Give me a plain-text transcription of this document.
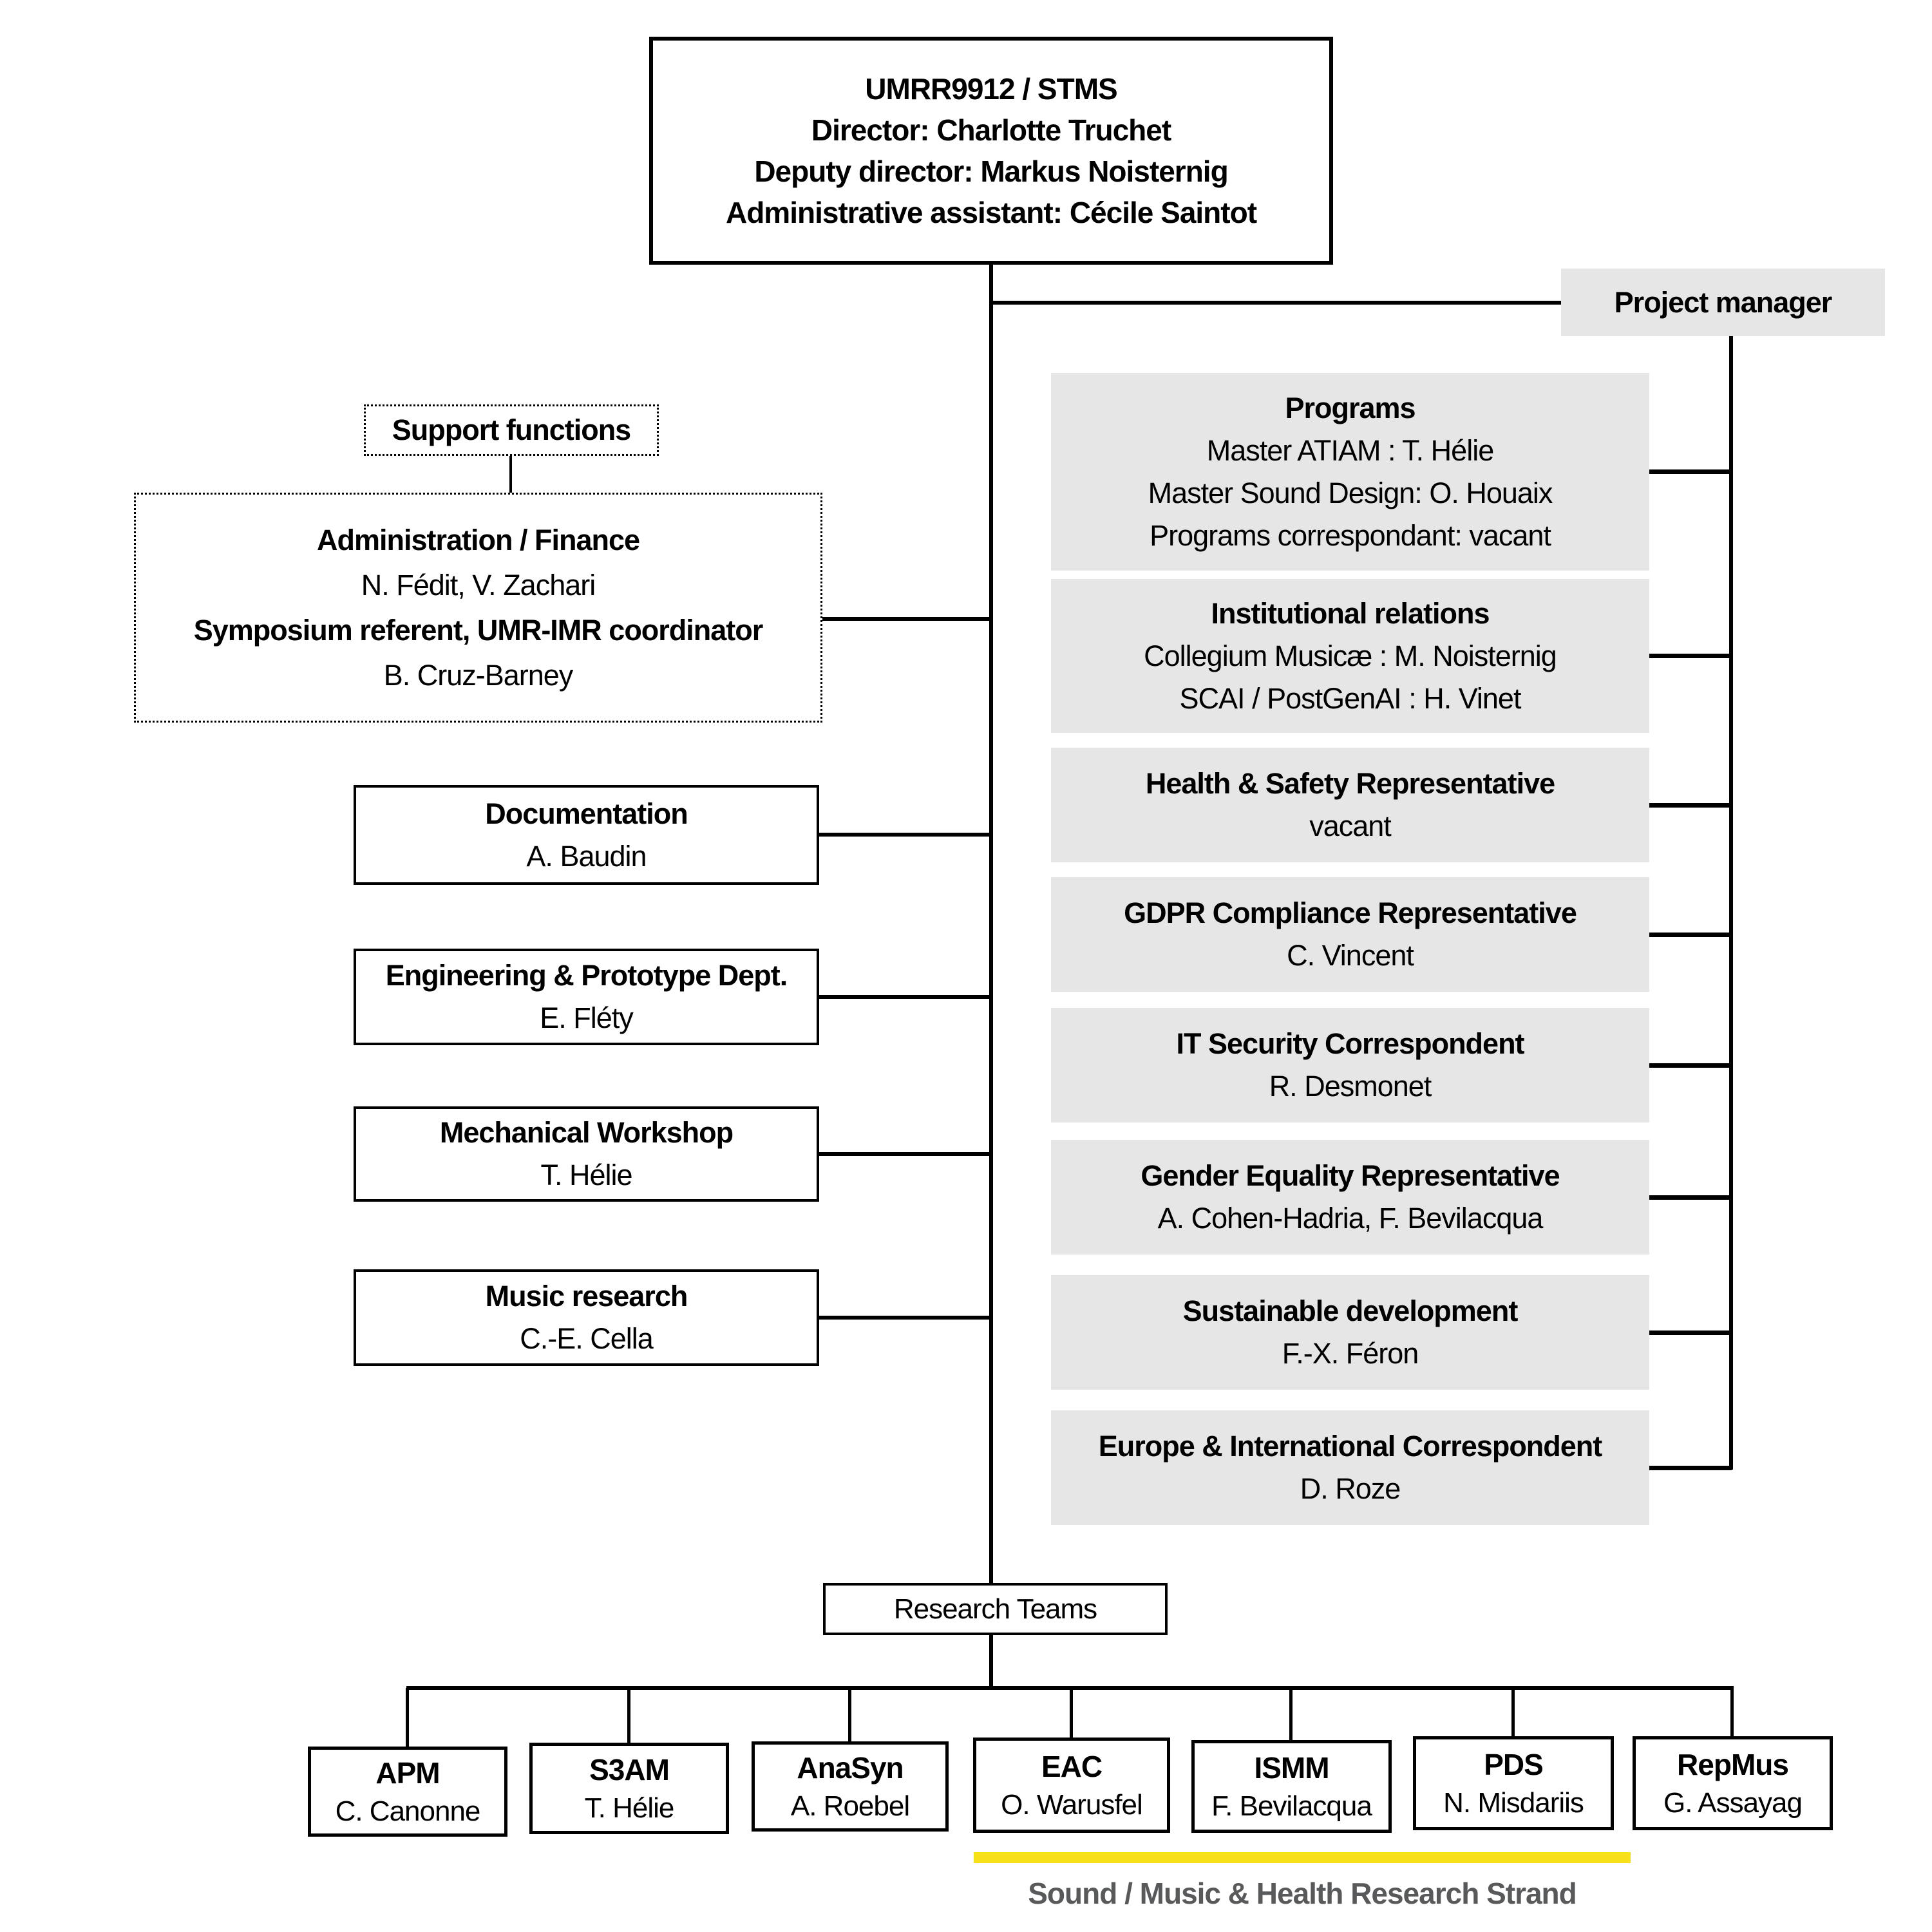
UMRR9912 / STMS
Director: Charlotte Truchet
Deputy director: Markus Noisternig
Administrative assistant: Cécile Saintot
Project manager
Support functions
Administration / Finance
N. Fédit, V. Zachari
Symposium referent, UMR-IMR coordinator
B. Cruz-Barney
Documentation
A. Baudin
Engineering & Prototype Dept.
E. Fléty
Mechanical Workshop
T. Hélie
Music research
C.-E. Cella
Programs
Master ATIAM : T. Hélie
Master Sound Design: O. Houaix
Programs correspondant: vacant
Institutional relations
Collegium Musicæ : M. Noisternig
SCAI / PostGenAI : H. Vinet
Health & Safety Representative
vacant
GDPR Compliance Representative
C. Vincent
IT Security Correspondent
R. Desmonet
Gender Equality Representative
A. Cohen-Hadria, F. Bevilacqua
Sustainable development
F.-X. Féron
Europe & International Correspondent
D. Roze
Research Teams
APM
C. Canonne
S3AM
T. Hélie
AnaSyn
A. Roebel
EAC
O. Warusfel
ISMM
F. Bevilacqua
PDS
N. Misdariis
RepMus
G. Assayag
Sound / Music & Health Research Strand
